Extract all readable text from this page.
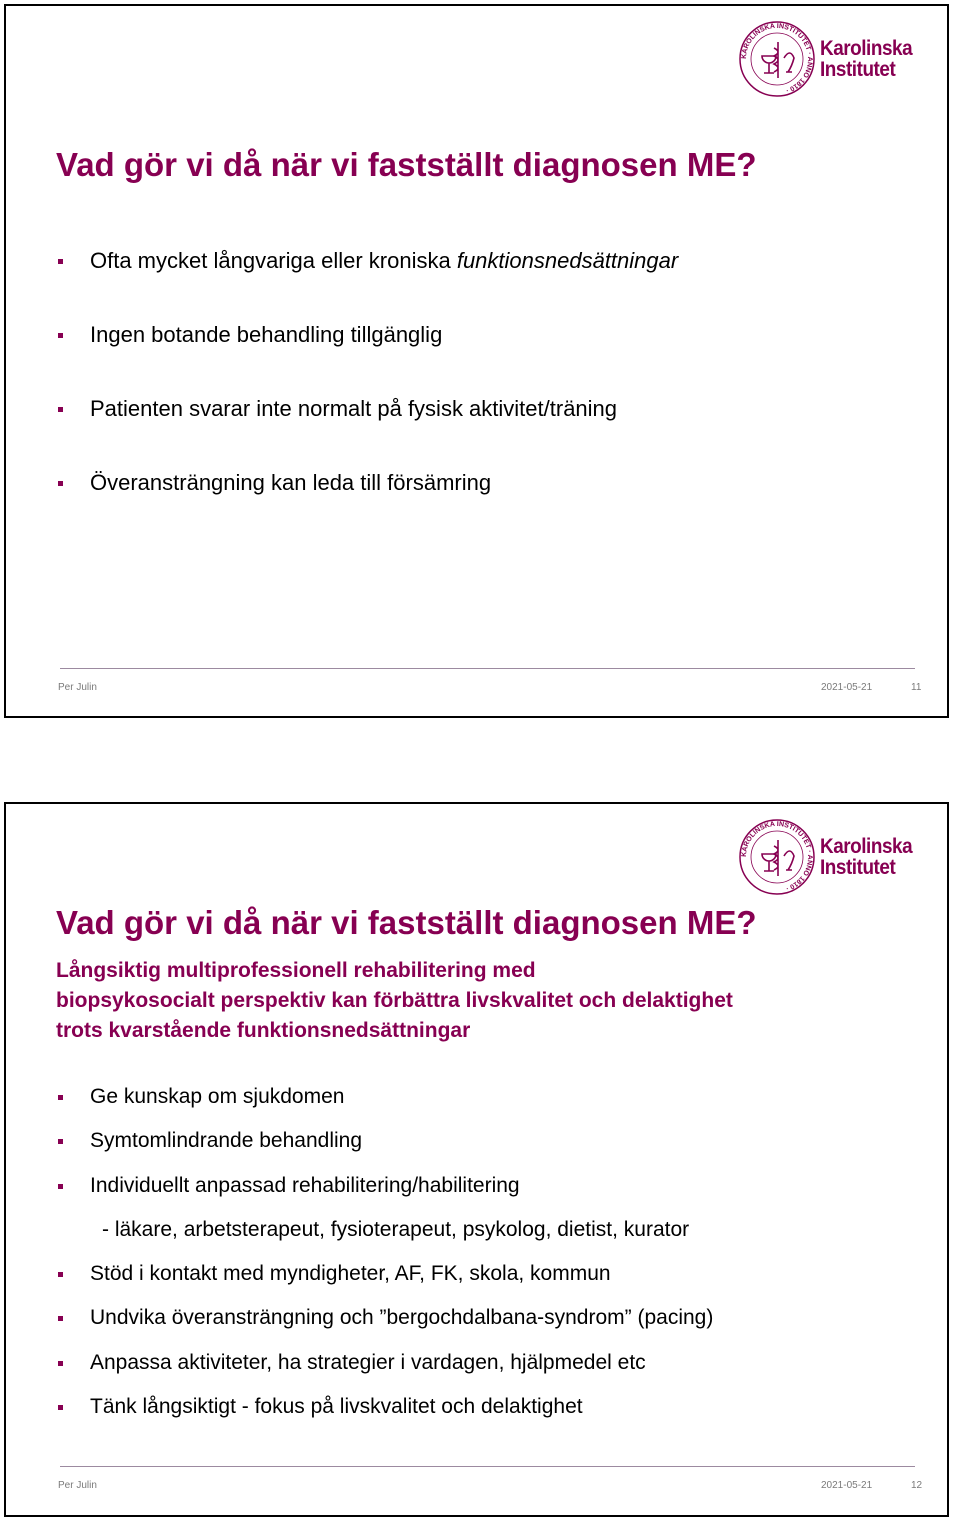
KAROLINSKA INSTITUTET · ANNO 1810 ·
Karolinska
Institutet
Vad gör vi då när vi fastställt diagnosen ME?
Ofta mycket långvariga eller kroniska funktionsnedsättningar
Ingen botande behandling tillgänglig
Patienten svarar inte normalt på fysisk aktivitet/träning
Överansträngning kan leda till försämring
Per Julin	2021-05-21	11
KAROLINSKA INSTITUTET · ANNO 1810 ·
Karolinska
Institutet
Vad gör vi då när vi fastställt diagnosen ME?
Långsiktig multiprofessionell rehabilitering med
biopsykosocialt perspektiv kan förbättra livskvalitet och delaktighet
trots kvarstående funktionsnedsättningar
Ge kunskap om sjukdomen
Symtomlindrande behandling
Individuellt anpassad rehabilitering/habilitering
- läkare, arbetsterapeut, fysioterapeut, psykolog, dietist, kurator
Stöd i kontakt med myndigheter, AF, FK, skola, kommun
Undvika överansträngning och ”bergochdalbana-syndrom” (pacing)
Anpassa aktiviteter, ha strategier i vardagen, hjälpmedel etc
Tänk långsiktigt - fokus på livskvalitet och delaktighet
Per Julin	2021-05-21	12
